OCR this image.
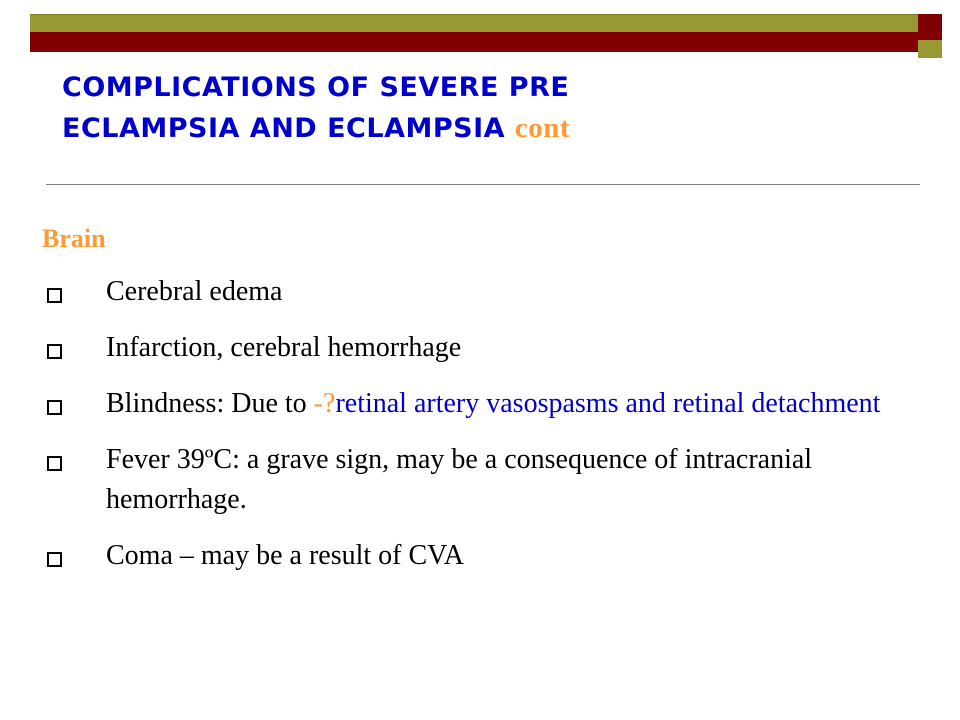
COMPLICATIONS OF SEVERE PRE
ECLAMPSIA AND ECLAMPSIA cont
Brain
Cerebral edema
Infarction, cerebral hemorrhage
Blindness: Due to -?retinal artery vasospasms and retinal detachment
Fever 39ºC: a grave sign, may be a consequence of intracranial hemorrhage.
Coma – may be a result of CVA
